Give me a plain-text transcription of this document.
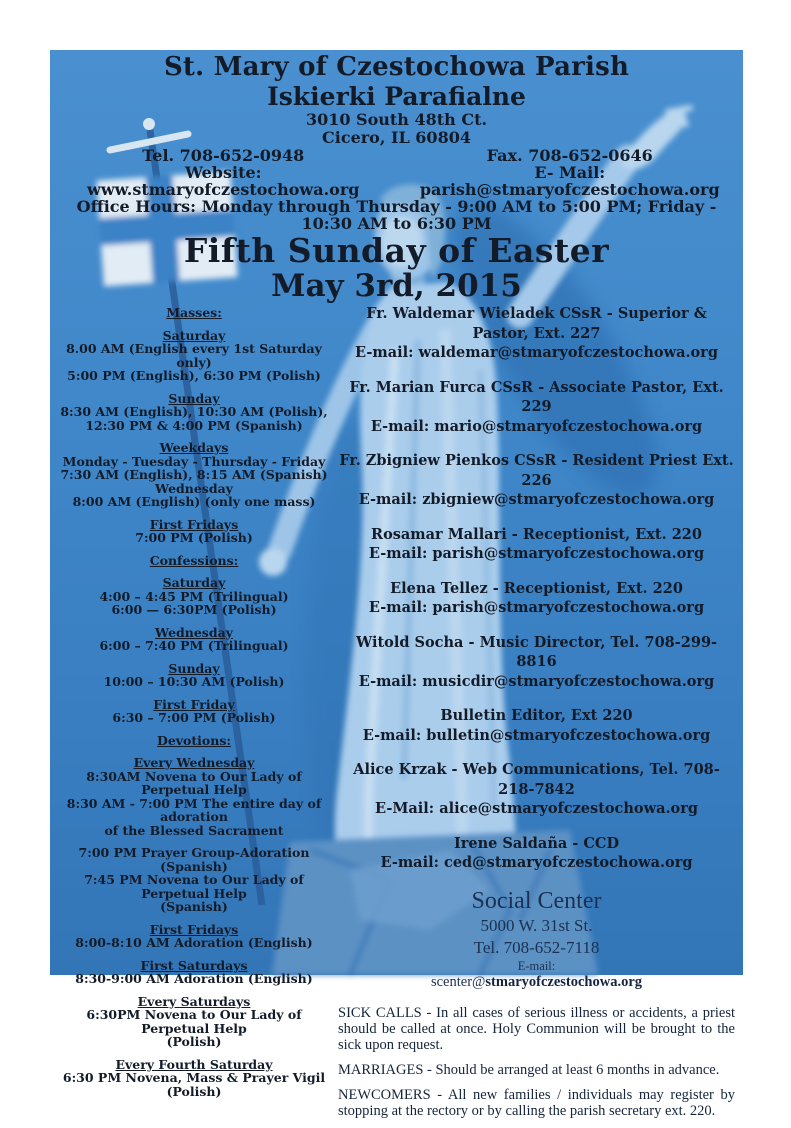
St. Mary of Czestochowa Parish
Iskierki Parafialne
3010 South 48th Ct.
Cicero, IL 60804
Tel. 708-652-0948	Fax. 708-652-0646
Website: www.stmaryofczestochowa.org
E- Mail: parish@stmaryofczestochowa.org
Office Hours: Monday through Thursday - 9:00 AM to 5:00 PM; Friday - 10:30 AM to 6:30 PM
Fifth Sunday of Easter
May 3rd, 2015
Masses:
Saturday
8.00 AM (English every 1st Saturday only)
5:00 PM (English), 6:30 PM (Polish)
Sunday
8:30 AM (English), 10:30 AM (Polish),
12:30 PM & 4:00 PM (Spanish)
Weekdays
Monday - Tuesday - Thursday - Friday
7:30 AM (English), 8:15 AM (Spanish)
Wednesday
8:00 AM (English) (only one mass)
First Fridays
7:00 PM (Polish)
Confessions:
Saturday
4:00 – 4:45 PM (Trilingual)
6:00 — 6:30PM (Polish)
Wednesday
6:00 – 7:40 PM (Trilingual)
Sunday
10:00 – 10:30 AM (Polish)
First Friday
6:30 – 7:00 PM (Polish)
Devotions:
Every Wednesday
8:30AM Novena to Our Lady of Perpetual Help
8:30 AM - 7:00 PM The entire day of adoration
of the Blessed Sacrament
7:00 PM Prayer Group-Adoration (Spanish)
7:45 PM Novena to Our Lady of Perpetual Help
(Spanish)
First Fridays
8:00-8:10 AM Adoration (English)
First Saturdays
8:30-9:00 AM Adoration (English)
Every Saturdays
6:30PM Novena to Our Lady of Perpetual Help
(Polish)
Every Fourth Saturday
6:30 PM Novena, Mass & Prayer Vigil (Polish)
Fr. Waldemar Wieladek CSsR - Superior & Pastor, Ext. 227
E-mail: waldemar@stmaryofczestochowa.org
Fr. Marian Furca CSsR - Associate Pastor, Ext. 229
E-mail: mario@stmaryofczestochowa.org
Fr. Zbigniew Pienkos CSsR - Resident Priest Ext. 226
E-mail: zbigniew@stmaryofczestochowa.org
Rosamar Mallari - Receptionist, Ext. 220
E-mail: parish@stmaryofczestochowa.org
Elena Tellez - Receptionist, Ext. 220
E-mail: parish@stmaryofczestochowa.org
Witold Socha - Music Director, Tel. 708-299-8816
E-mail: musicdir@stmaryofczestochowa.org
Bulletin Editor, Ext 220
E-mail: bulletin@stmaryofczestochowa.org
Alice Krzak - Web Communications, Tel. 708-218-7842
E-Mail: alice@stmaryofczestochowa.org
Irene Saldaña - CCD
E-mail: ced@stmaryofczestochowa.org
Social Center
5000 W. 31st St.
Tel. 708-652-7118
E-mail:
scenter@stmaryofczestochowa.org

SICK CALLS - In all cases of serious illness or accidents, a priest should be called at once. Holy Communion will be brought to the sick upon request.

MARRIAGES - Should be arranged at least 6 months in advance.

NEWCOMERS - All new families / individuals may register by stopping at the rectory or by calling the parish secretary ext. 220.
